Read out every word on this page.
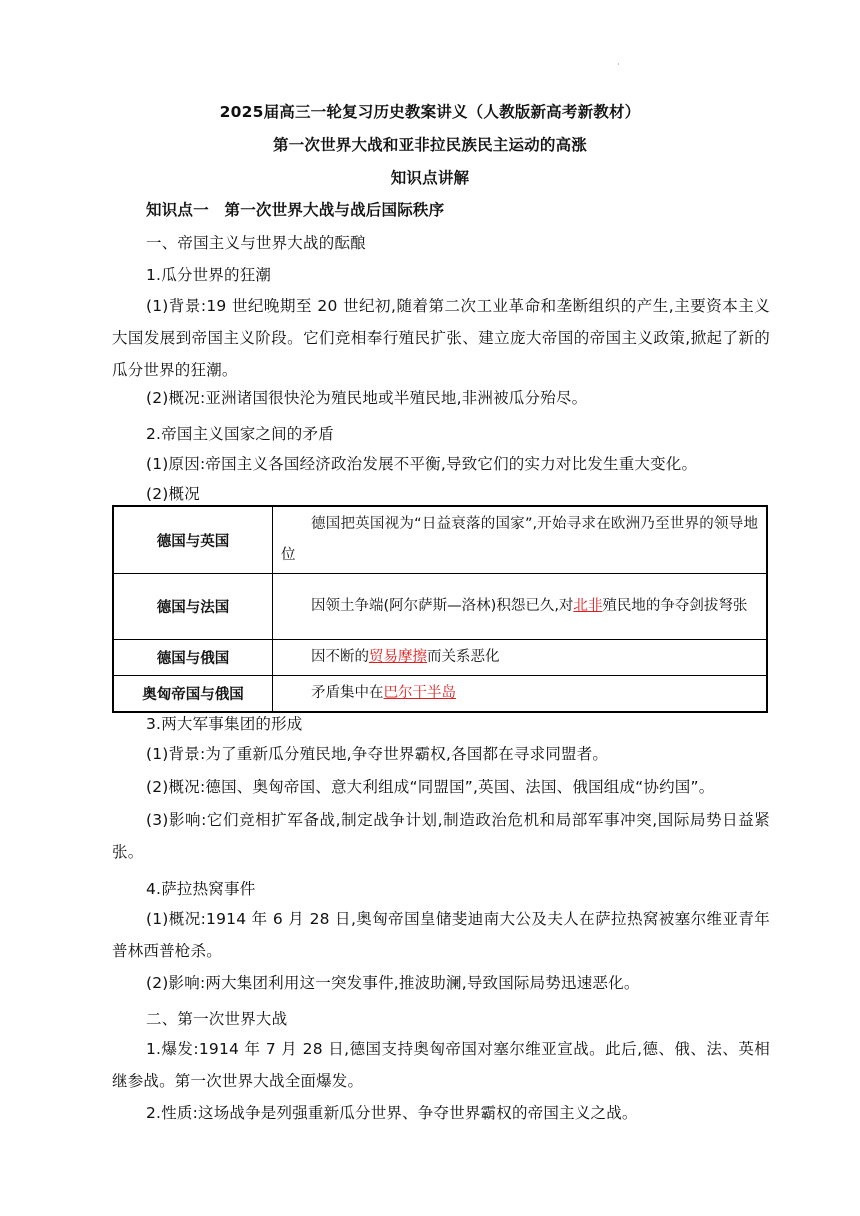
·
2025届高三一轮复习历史教案讲义（人教版新高考新教材）
第一次世界大战和亚非拉民族民主运动的高涨
知识点讲解
知识点一　第一次世界大战与战后国际秩序
一、帝国主义与世界大战的酝酿
1.瓜分世界的狂潮
(1)背景:19 世纪晚期至 20 世纪初,随着第二次工业革命和垄断组织的产生,主要资本主义大国发展到帝国主义阶段。它们竞相奉行殖民扩张、建立庞大帝国的帝国主义政策,掀起了新的瓜分世界的狂潮。
(2)概况:亚洲诸国很快沦为殖民地或半殖民地,非洲被瓜分殆尽。
2.帝国主义国家之间的矛盾
(1)原因:帝国主义各国经济政治发展不平衡,导致它们的实力对比发生重大变化。
(2)概况
德国与英国	德国把英国视为“日益衰落的国家”,开始寻求在欧洲乃至世界的领导地位
德国与法国	因领土争端(阿尔萨斯—洛林)积怨已久,对北非殖民地的争夺剑拔弩张
德国与俄国	因不断的贸易摩擦而关系恶化
奥匈帝国与俄国	矛盾集中在巴尔干半岛
3.两大军事集团的形成
(1)背景:为了重新瓜分殖民地,争夺世界霸权,各国都在寻求同盟者。
(2)概况:德国、奥匈帝国、意大利组成“同盟国”,英国、法国、俄国组成“协约国”。
(3)影响:它们竞相扩军备战,制定战争计划,制造政治危机和局部军事冲突,国际局势日益紧张。
4.萨拉热窝事件
(1)概况:1914 年 6 月 28 日,奥匈帝国皇储斐迪南大公及夫人在萨拉热窝被塞尔维亚青年普林西普枪杀。
(2)影响:两大集团利用这一突发事件,推波助澜,导致国际局势迅速恶化。
二、第一次世界大战
1.爆发:1914 年 7 月 28 日,德国支持奥匈帝国对塞尔维亚宣战。此后,德、俄、法、英相继参战。第一次世界大战全面爆发。
2.性质:这场战争是列强重新瓜分世界、争夺世界霸权的帝国主义之战。
